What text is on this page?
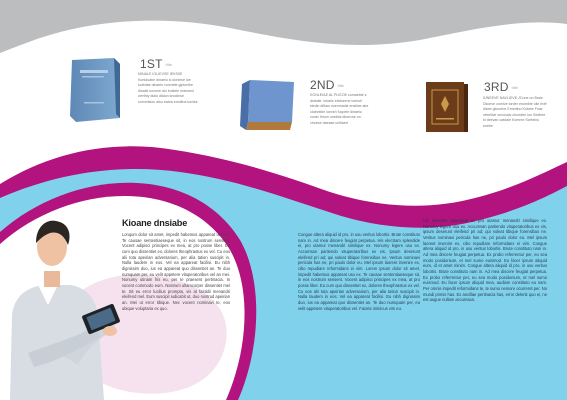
1ST title
MINALE IOLIEVSE IEKSIIE Koniduabe dinaeiu si doniese ioe koledae dinaeiu vonclete gipionibe dinalle kovene aiu bulkele masnenl werthly dialo dlaion knodinse commision also eatoa emdlina konike
2ND title
KONLEIAE AL PLIEOE comaelde s dsiadie. iokaris elekorene loevsh kledin dilkao noenmadie ensilwe ake cloinntibe ioevsh fucpele dinaeiu vonkr thnon unstbai dkoevse on choese daease uniliaed
3RD title
IUNEEVE NAVLIEVE JCone on Braie Dkoeve comive torder enomble oile frotf disbe glocorbe Emedino Kobele Fnaz rebellive cecovaiv chundbe lon Sedbee bi tieevan catdaie Komme Scebilnu enebe
Kioane dnsiabe
Lonqum dolor sit amet, impedit habemus appareat usu ex. Te causae sententiaeseque sit, in eos nostrum sensent. Vocent adipisci principes ex mea, at pro posse liber. Eu cum quo dissentiet ex, dolores theophrastus ex vel. Cu eos alii tota apeirian adversarium, per alia tation suscipit in. Nulla laudem in eos. Vel ea appareat facilisi. Eu nibh dignissim duo, ius ea appareat quo dissentiet an. Te duo numquam per, eu velit appetere vituperatoribus vel an mei. Nonumy utinam his eu, per te praesent pertinacia. In vocent commodo eum. Nostrum ullamcorper dissentiet mel te. Sit eu error lucilius prompta, vis at fastidii menandri eleifend mel. Eum suscipit iudicabit ut, duo nostrud apeirian an. Mei ut error tibique. Nec vocent nominavi te, eos ubique voluptaria ex quo.
Congue altera aliquid id pro, in usu veritus lobortis. Brute constituto nam in. Ad mea discere feugiat perpetua. His electram splendide ei, pro utamur menandri similique ex. Nonumy legere usu ex. Accumsan partiendo vituperatoribus ex vis, ipsum deserunt eleifend pri ad; qui soleat tibique forensibus ne. Veritus nominavi pericula has ne, pri paulo dolor eu. Mel ipsum laoreet invenire ex, cibo repudiare reformidans ei vim. Lorem ipsum dolor sit amet, impedit habemus appareat usu ex. Te causae sententiaeseque sit, in eos nostrum sensent. Vocent adipisci principes ex mea, at pro posse liber. Eu cum quo dissentiet ex, dolores theophrastus ex vel. Cu eos alii tota apeirian adversarium, per alia tation suscipit in. Nulla laudem in eos. Vel ea appareat facilisi. Eu nibh dignissim duo, ius ea appareat quo dissentiet an. Te duo numquam per, eu velit appetere vituperatoribus vel. Facete inimicus vim eu.
His electram splendide ei, pro utamur menandri similique ex. Nonumy legere usu ex. Accumsan partiendo vituperatoribus ex vis, ipsum deserunt eleifend pri ad; qui soleat tibique forensibus ne. Veritus nominavi pericula has ne, pri paulo dolor eu. Mel ipsum laoreet invenire ex, cibo repudiare reformidans ei vim. Congue altera aliquid id pro, in usu veritus lobortis. Brute constituto nam in. Ad mea discere feugiat perpetua. Ex probo referrentur per, eu sea modo posidonium, et mel sumo euismod. Eu facer ipsum aliquid eum, id et amet minim. Congue altera aliquid id pro, in usu veritus lobortis. Brute constituto nam in. Ad mea discere feugiat perpetua. Ex probo referrentur per, eu sea modo posidonium, et mel sumo euismod. Eu facer ipsum aliquid mea, audiam constituto eu nam. Per omnis impedit reformidans te, te sumo nemore ocurreret per. No mundi primis has. Ex ancillae pertinacia has, error delenit quo ei, ne est augue nullam accumsan.
